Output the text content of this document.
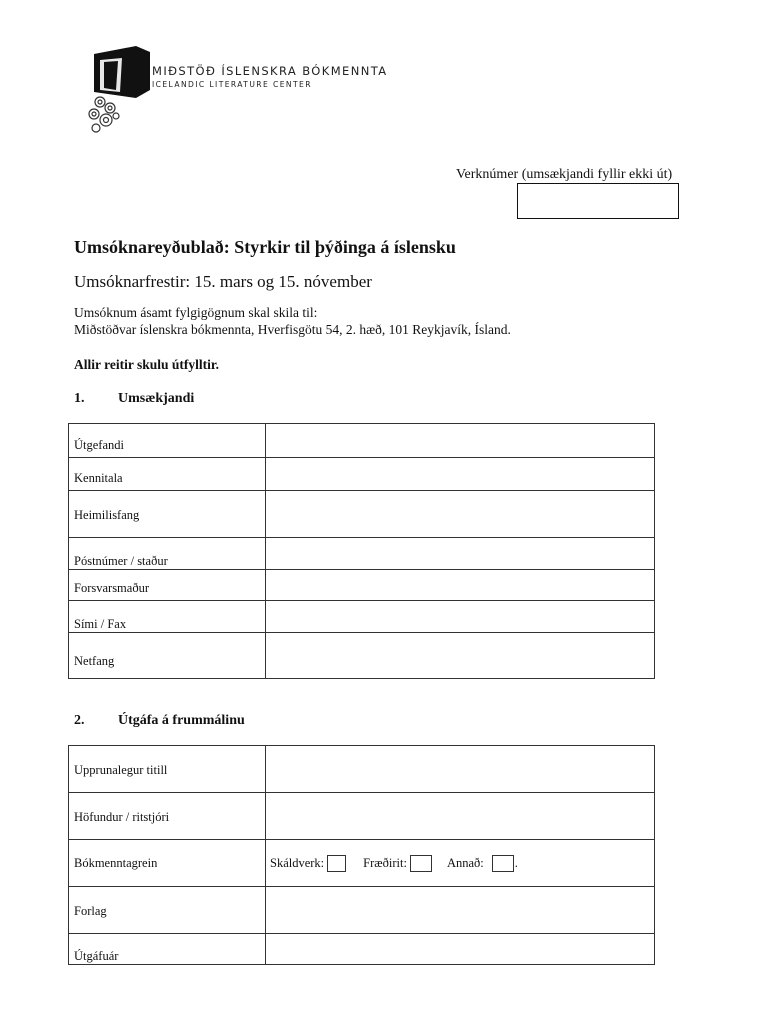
MIÐSTÖÐ ÍSLENSKRA BÓKMENNTA
ICELANDIC LITERATURE CENTER
Verknúmer (umsækjandi fyllir ekki út)
Umsóknareyðublað: Styrkir til þýðinga á íslensku
Umsóknarfrestir: 15. mars og 15. nóvember
Umsóknum ásamt fylgigögnum skal skila til:
Miðstöðvar íslenskra bókmennta, Hverfisgötu 54, 2. hæð, 101 Reykjavík, Ísland.
Allir reitir skulu útfylltir.
1. Umsækjandi
Útgefandi	
Kennitala	
Heimilisfang	
Póstnúmer / staður	
Forsvarsmaður	
Sími / Fax	
Netfang	
2. Útgáfa á frummálinu
Upprunalegur titill	
Höfundur / ritstjóri	
Bókmenntagrein	Skáldverk: Fræðirit: Annað: .

Forlag	
Útgáfuár	
